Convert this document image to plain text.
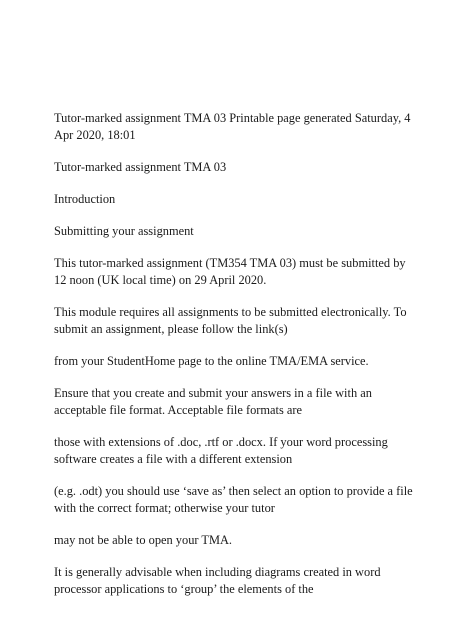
Tutor-marked assignment TMA 03 Printable page generated Saturday, 4 Apr 2020, 18:01

Tutor-marked assignment TMA 03

Introduction

Submitting your assignment

This tutor-marked assignment (TM354 TMA 03) must be submitted by 12 noon (UK local time) on 29 April 2020.

This module requires all assignments to be submitted electronically. To submit an assignment, please follow the link(s)

from your StudentHome page to the online TMA/EMA service.

Ensure that you create and submit your answers in a file with an acceptable file format. Acceptable file formats are

those with extensions of .doc, .rtf or .docx. If your word processing software creates a file with a different extension

(e.g. .odt) you should use ‘save as’ then select an option to provide a file with the correct format; otherwise your tutor

may not be able to open your TMA.

It is generally advisable when including diagrams created in word processor applications to ‘group’ the elements of the
